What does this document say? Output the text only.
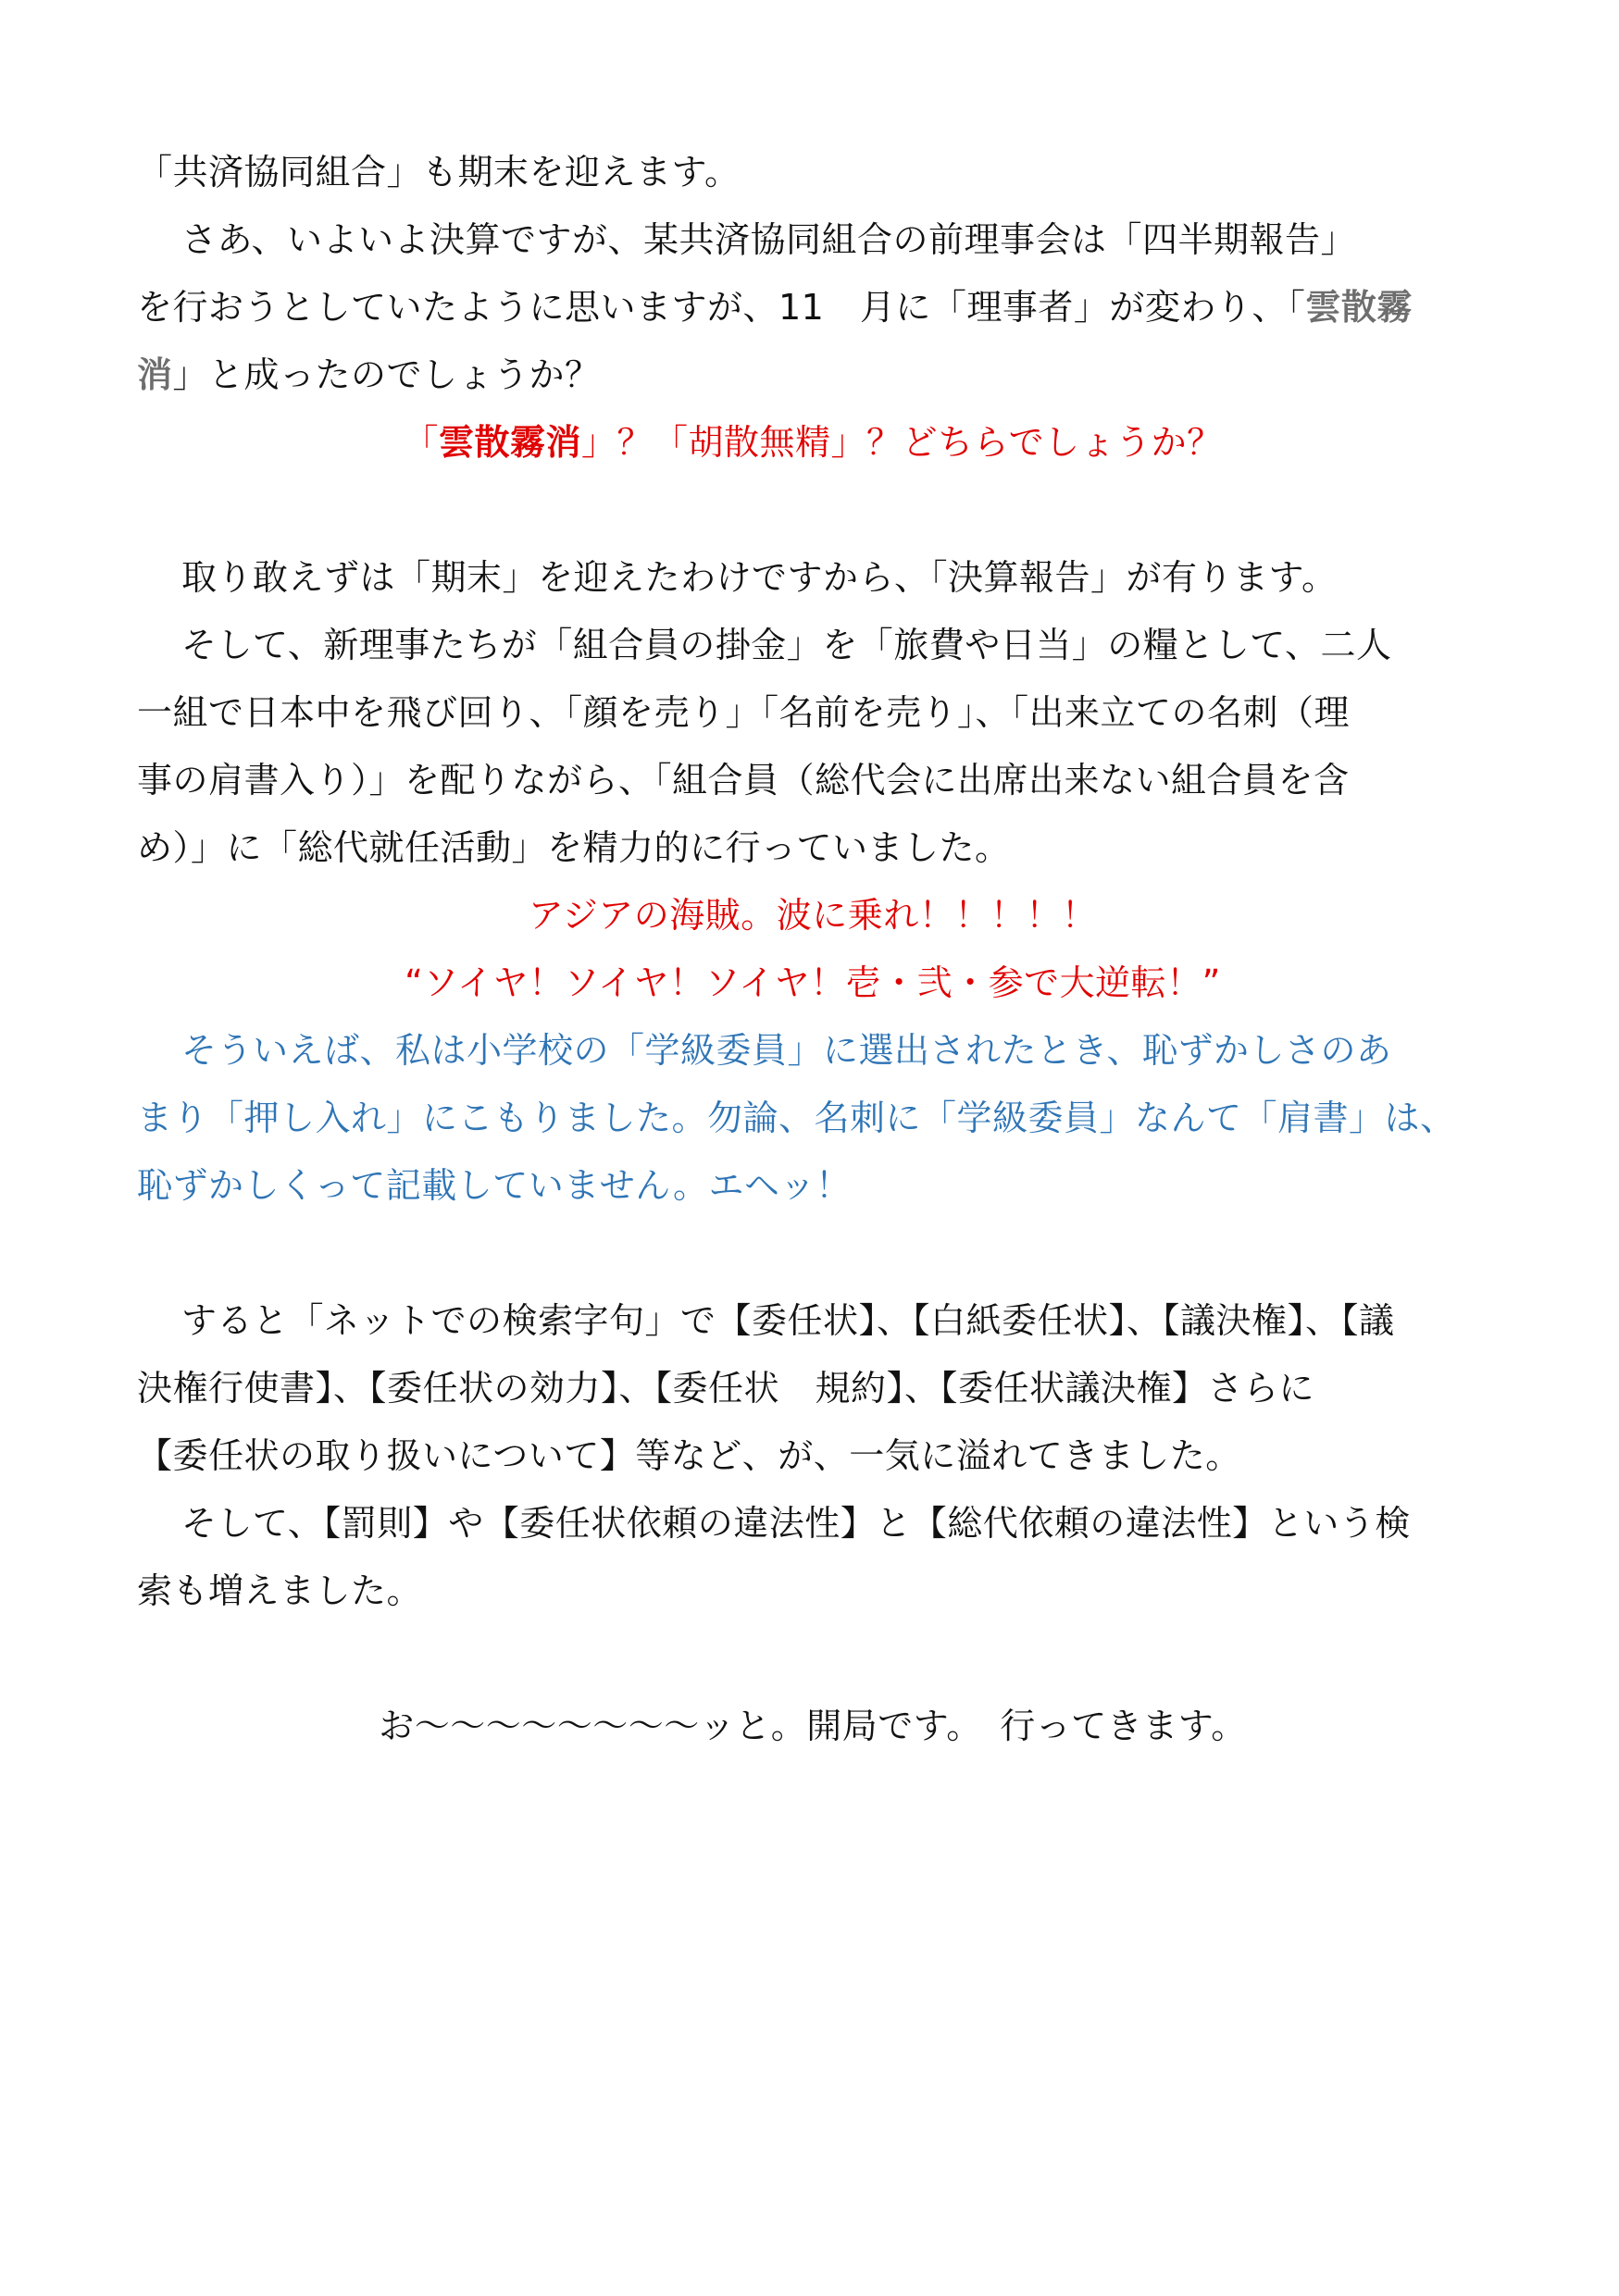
「共済協同組合」も期末を迎えます。
さあ、いよいよ決算ですが、某共済協同組合の前理事会は「四半期報告」
を行おうとしていたように思いますが、11　月に「理事者」が変わり、「雲散霧
消」と成ったのでしょうか？
「雲散霧消」？「胡散無精」？どちらでしょうか？
取り敢えずは「期末」を迎えたわけですから、「決算報告」が有ります。
そして、新理事たちが「組合員の掛金」を「旅費や日当」の糧として、二人
一組で日本中を飛び回り、「顔を売り」「名前を売り」、「出来立ての名刺（理
事の肩書入り）」を配りながら、「組合員（総代会に出席出来ない組合員を含
め）」に「総代就任活動」を精力的に行っていました。
アジアの海賊。波に乗れ！！！！！
“ソイヤ！ソイヤ！ソイヤ！壱・弐・参で大逆転！”
そういえば、私は小学校の「学級委員」に選出されたとき、恥ずかしさのあ
まり「押し入れ」にこもりました。勿論、名刺に「学級委員」なんて「肩書」は、
恥ずかしくって記載していません。エヘッ！
すると「ネットでの検索字句」で【委任状】、【白紙委任状】、【議決権】、【議
決権行使書】、【委任状の効力】、【委任状　規約】、【委任状議決権】さらに
【委任状の取り扱いについて】等など、が、一気に溢れてきました。
そして、【罰則】や【委任状依頼の違法性】と【総代依頼の違法性】という検
索も増えました。
お～～～～～～～～ッと。開局です。　行ってきます。
